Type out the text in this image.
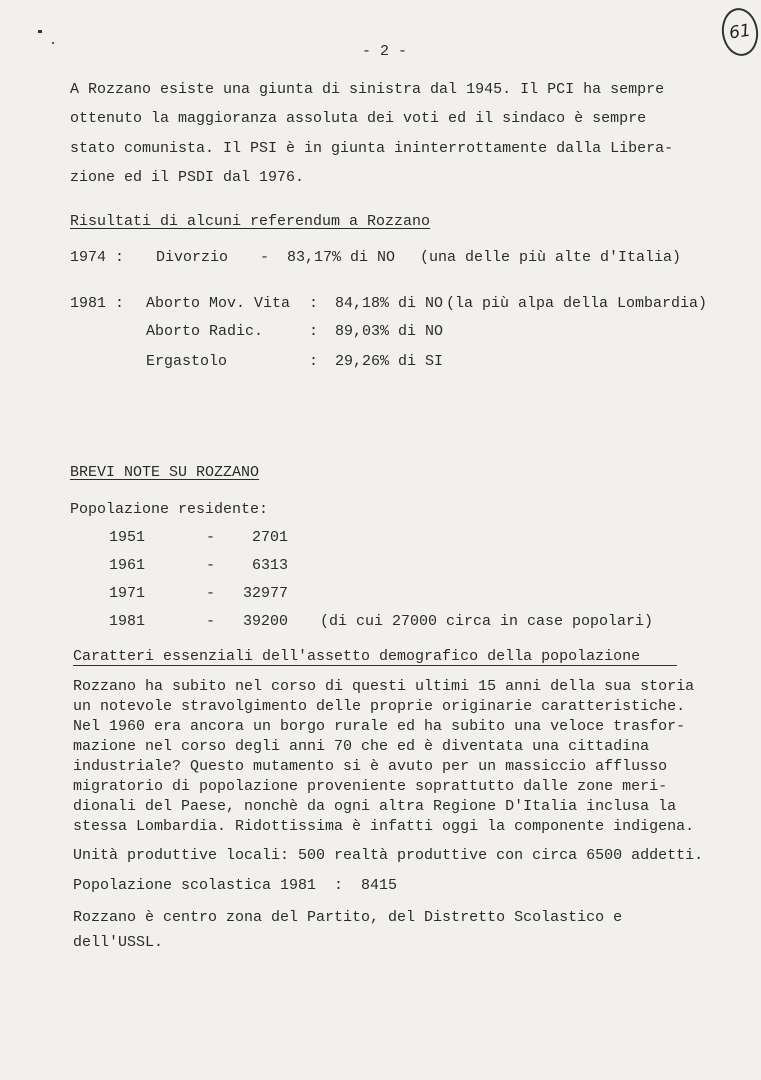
61
- 2 -
A Rozzano esiste una giunta di sinistra dal 1945. Il PCI ha sempre
ottenuto la maggioranza assoluta dei voti ed il sindaco è sempre
stato comunista. Il PSI è in giunta ininterrottamente dalla Libera-
zione ed il PSDI dal 1976.
Risultati di alcuni referendum a Rozzano
1974 : Divorzio - 83,17% di NO (una delle più alte d'Italia)
1981 : Aborto Mov. Vita : 84,18% di NO (la più alpa della Lombardia)
Aborto Radic.	: 89,03% di NO
Ergastolo	: 29,26% di SI
BREVI NOTE SU ROZZANO
Popolazione residente:
1951	- 2701
1961	- 6313
1971	- 32977
1981	- 39200 (di cui 27000 circa in case popolari)
Caratteri essenziali dell'assetto demografico della popolazione
Rozzano ha subito nel corso di questi ultimi 15 anni della sua storia
un notevole stravolgimento delle proprie originarie caratteristiche.
Nel 1960 era ancora un borgo rurale ed ha subito una veloce trasfor-
mazione nel corso degli anni 70 che ed è diventata una cittadina
industriale? Questo mutamento si è avuto per un massiccio afflusso
migratorio di popolazione proveniente soprattutto dalle zone meri-
dionali del Paese, nonchè da ogni altra Regione D'Italia inclusa la
stessa Lombardia. Ridottissima è infatti oggi la componente indigena.
Unità produttive locali: 500 realtà produttive con circa 6500 addetti.
Popolazione scolastica 1981  :  8415
Rozzano è centro zona del Partito, del Distretto Scolastico e
dell'USSL.
